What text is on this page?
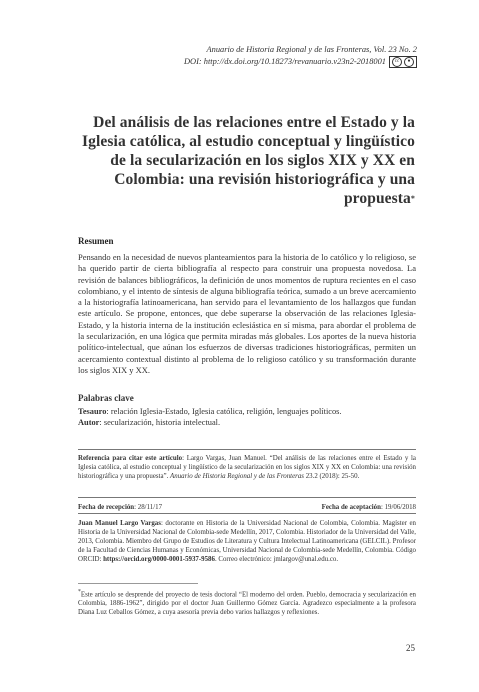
Anuario de Historia Regional y de las Fronteras, Vol. 23 No. 2
DOI: http://dx.doi.org/10.18273/revanuario.v23n2-2018001	cc	●
Del análisis de las relaciones entre el Estado y la Iglesia católica, al estudio conceptual y lingüístico de la secularización en los siglos XIX y XX en Colombia: una revisión historiográfica y una propuesta*
Resumen

Pensando en la necesidad de nuevos planteamientos para la historia de lo católico y lo religioso, se ha querido partir de cierta bibliografía al respecto para construir una propuesta novedosa. La revisión de balances bibliográficos, la definición de unos momentos de ruptura recientes en el caso colombiano, y el intento de síntesis de alguna bibliografía teórica, sumado a un breve acercamiento a la historiografía latinoamericana, han servido para el levantamiento de los hallazgos que fundan este artículo. Se propone, entonces, que debe superarse la observación de las relaciones Iglesia-Estado, y la historia interna de la institución eclesiástica en sí misma, para abordar el problema de la secularización, en una lógica que permita miradas más globales. Los aportes de la nueva historia político-intelectual, que aúnan los esfuerzos de diversas tradiciones historiográficas, permiten un acercamiento contextual distinto al problema de lo religioso católico y su transformación durante los siglos XIX y XX.

Palabras clave
Tesauro: relación Iglesia-Estado, Iglesia católica, religión, lenguajes políticos.
Autor: secularización, historia intelectual.
Referencia para citar este artículo: Largo Vargas, Juan Manuel. “Del análisis de las relaciones entre el Estado y la Iglesia católica, al estudio conceptual y lingüístico de la secularización en los siglos XIX y XX en Colombia: una revisión historiográfica y una propuesta”. Anuario de Historia Regional y de las Fronteras 23.2 (2018): 25-50.
Fecha de recepción: 28/11/17	Fecha de aceptación: 19/06/2018
Juan Manuel Largo Vargas: doctorante en Historia de la Universidad Nacional de Colombia, Colombia. Magíster en Historia de la Universidad Nacional de Colombia-sede Medellín, 2017, Colombia. Historiador de la Universidad del Valle, 2013, Colombia. Miembro del Grupo de Estudios de Literatura y Cultura Intelectual Latinoamericana (GELCIL). Profesor de la Facultad de Ciencias Humanas y Económicas, Universidad Nacional de Colombia-sede Medellín, Colombia. Código ORCID: https://orcid.org/0000-0001-5937-9586. Correo electrónico: jmlargov@unal.edu.co.
*Este artículo se desprende del proyecto de tesis doctoral “El moderno del orden. Pueblo, democracia y secularización en Colombia, 1886-1962”, dirigido por el doctor Juan Guillermo Gómez García. Agradezco especialmente a la profesora Diana Luz Ceballos Gómez, a cuya asesoría previa debo varios hallazgos y reflexiones.
25
